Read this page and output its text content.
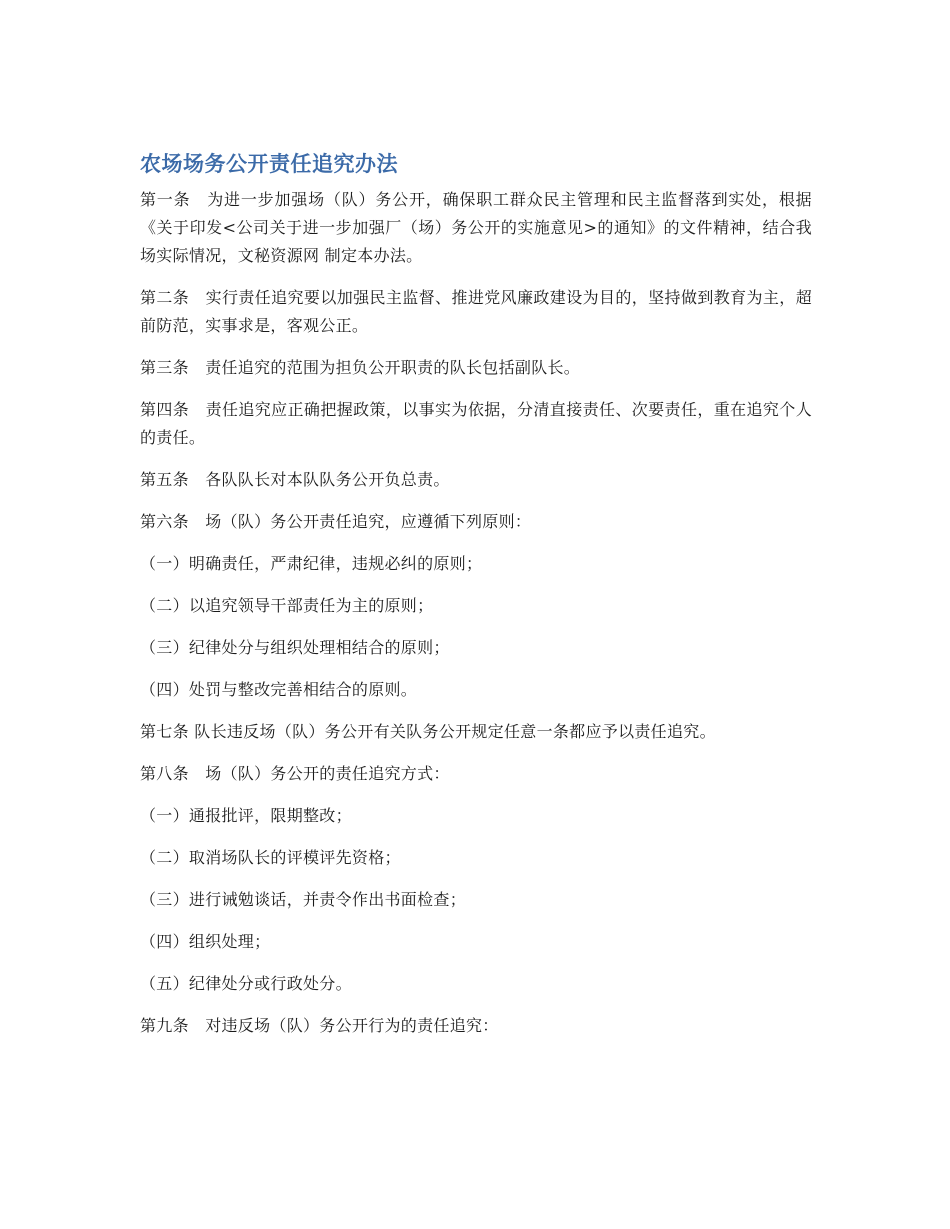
农场场务公开责任追究办法

第一条　为进一步加强场（队）务公开，确保职工群众民主管理和民主监督落到实处，根据《关于印发<公司关于进一步加强厂（场）务公开的实施意见>的通知》的文件精神，结合我场实际情况，文秘资源网 制定本办法。

第二条　实行责任追究要以加强民主监督、推进党风廉政建设为目的，坚持做到教育为主，超前防范，实事求是，客观公正。

第三条　责任追究的范围为担负公开职责的队长包括副队长。

第四条　责任追究应正确把握政策，以事实为依据，分清直接责任、次要责任，重在追究个人的责任。

第五条　各队队长对本队队务公开负总责。

第六条　场（队）务公开责任追究，应遵循下列原则：

（一）明确责任，严肃纪律，违规必纠的原则；

（二）以追究领导干部责任为主的原则；

（三）纪律处分与组织处理相结合的原则；

（四）处罚与整改完善相结合的原则。

第七条 队长违反场（队）务公开有关队务公开规定任意一条都应予以责任追究。

第八条　场（队）务公开的责任追究方式：

（一）通报批评，限期整改；

（二）取消场队长的评模评先资格；

（三）进行诫勉谈话，并责令作出书面检查；

（四）组织处理；

（五）纪律处分或行政处分。

第九条　对违反场（队）务公开行为的责任追究：
